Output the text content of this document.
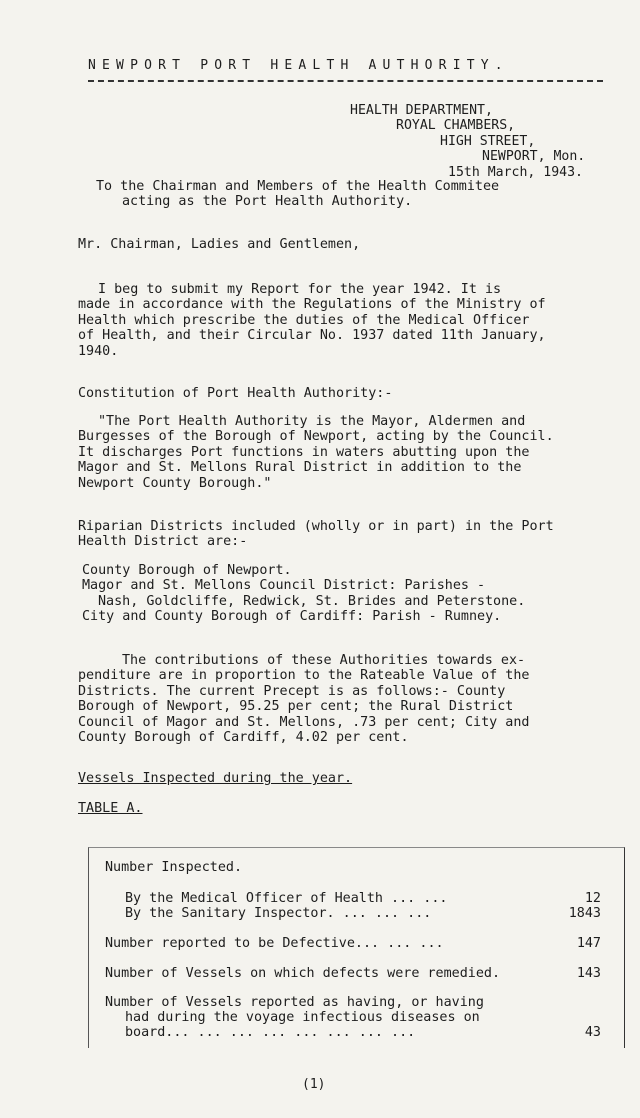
NEWPORT PORT HEALTH AUTHORITY.
HEALTH DEPARTMENT,
ROYAL CHAMBERS,
HIGH STREET,
NEWPORT, Mon.
15th March, 1943.
To the Chairman and Members of the Health Commitee
acting as the Port Health Authority.
Mr. Chairman, Ladies and Gentlemen,
I beg to submit my Report for the year 1942. It is
made in accordance with the Regulations of the Ministry of
Health which prescribe the duties of the Medical Officer
of Health, and their Circular No. 1937 dated 11th January,
1940.
Constitution of Port Health Authority:-
"The Port Health Authority is the Mayor, Aldermen and
Burgesses of the Borough of Newport, acting by the Council.
It discharges Port functions in waters abutting upon the
Magor and St. Mellons Rural District in addition to the
Newport County Borough."
Riparian Districts included (wholly or in part) in the Port
Health District are:-
County Borough of Newport.
Magor and St. Mellons Council District: Parishes -
Nash, Goldcliffe, Redwick, St. Brides and Peterstone.
City and County Borough of Cardiff: Parish - Rumney.
The contributions of these Authorities towards ex-
penditure are in proportion to the Rateable Value of the
Districts. The current Precept is as follows:- County
Borough of Newport, 95.25 per cent; the Rural District
Council of Magor and St. Mellons, .73 per cent; City and
County Borough of Cardiff, 4.02 per cent.
Vessels Inspected during the year.
TABLE A.
Number Inspected.
By the Medical Officer of Health ... ...	12
By the Sanitary Inspector. ... ... ...	1843
Number reported to be Defective... ... ...	147
Number of Vessels on which defects were remedied.	143
Number of Vessels reported as having, or having
had during the voyage infectious diseases on
board... ... ... ... ... ... ... ...	43
(1)
